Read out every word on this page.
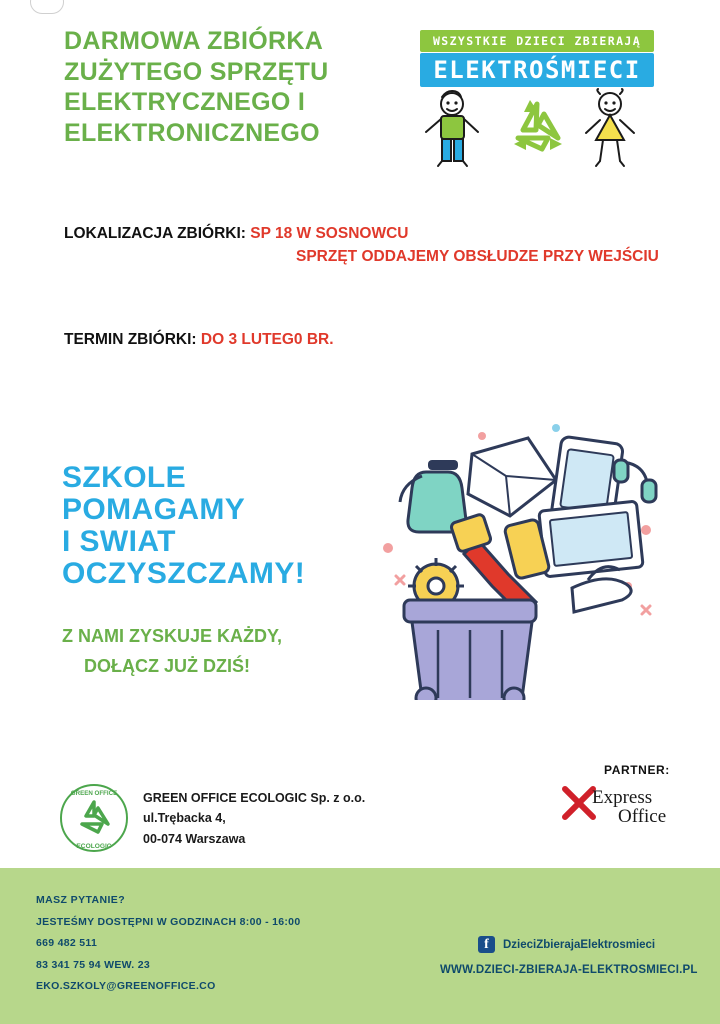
DARMOWA ZBIÓRKA ZUŻYTEGO SPRZĘTU ELEKTRYCZNEGO I ELEKTRONICZNEGO
WSZYSTKIE DZIECI ZBIERAJĄ
ELEKTROŚMIECI
LOKALIZACJA ZBIÓRKI: SP 18 W SOSNOWCU
SPRZĘT ODDAJEMY OBSŁUDZE PRZY WEJŚCIU
TERMIN ZBIÓRKI: DO 3 LUTEG0 BR.
SZKOLE
POMAGAMY
I SWIAT
OCZYSZCZAMY!
Z NAMI ZYSKUJE KAŻDY,
DOŁĄCZ JUŻ DZIŚ!
GREEN OFFICE
ECOLOGIC
GREEN OFFICE ECOLOGIC Sp. z o.o.
ul.Trębacka 4,
00-074 Warszawa
PARTNER:
Express
Office
MASZ PYTANIE?
JESTEŚMY DOSTĘPNI W GODZINACH 8:00 - 16:00
669 482 511
83 341 75 94 WEW. 23
EKO.SZKOLY@GREENOFFICE.CO
f	DzieciZbierajaElektrosmieci
WWW.DZIECI-ZBIERAJA-ELEKTROSMIECI.PL
